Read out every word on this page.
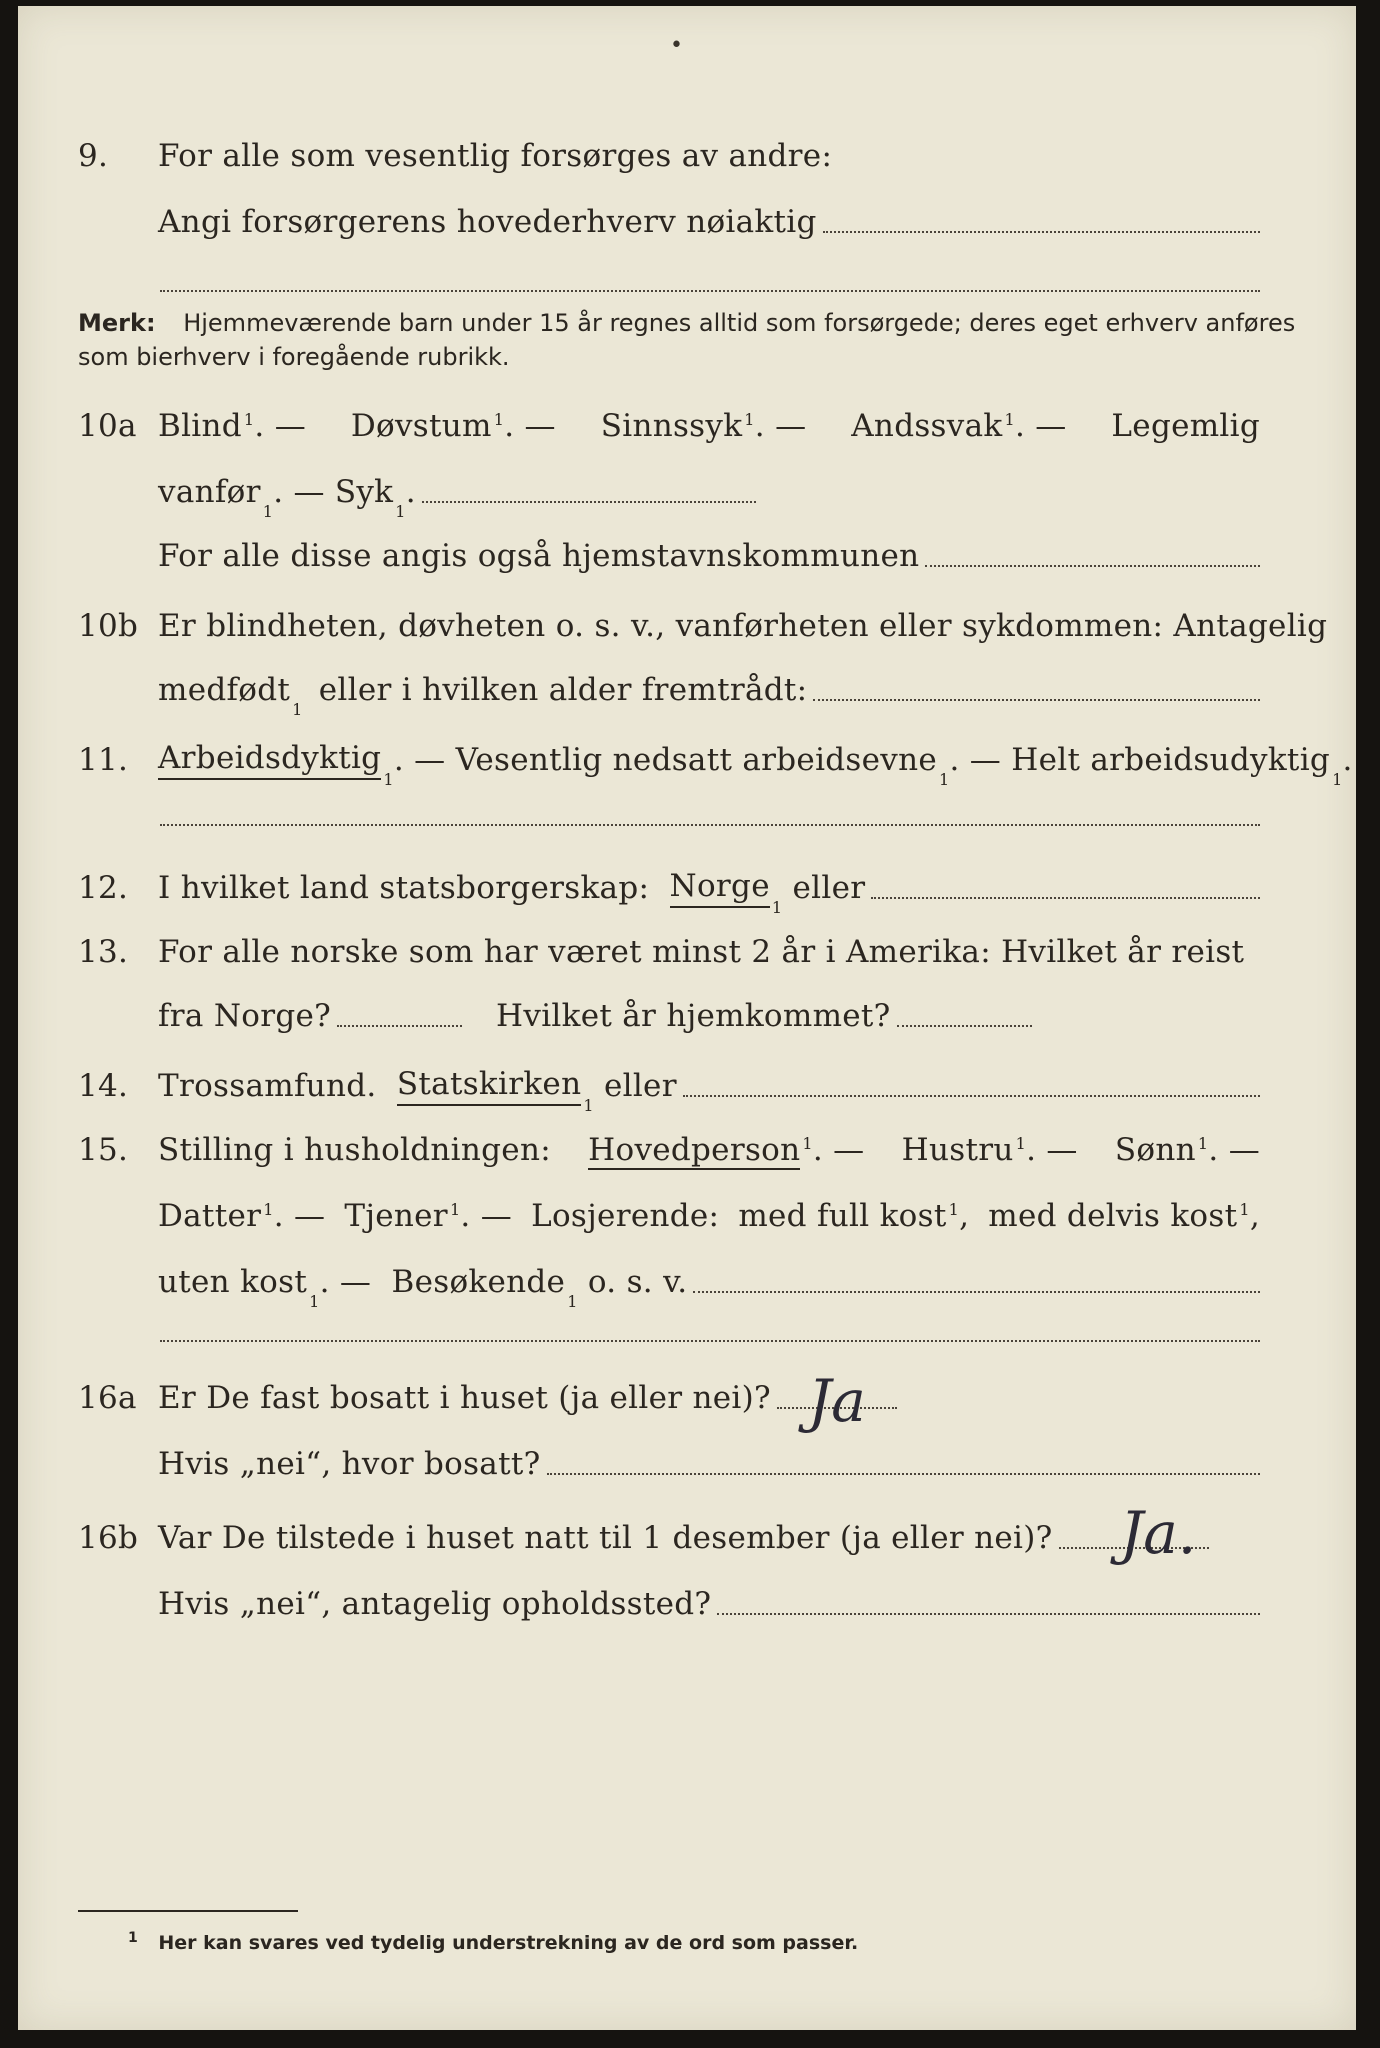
•
9.	For alle som vesentlig forsørges av andre:
Angi forsørgerens hovederhverv nøiaktig
Merk: Hjemmeværende barn under 15 år regnes alltid som forsørgede; deres eget erhverv anføres som bierhverv i foregående rubrikk.
10a Blind $^1$. — Døvstum $^1$. — Sinnssyk $^1$. — Andssvak $^1$. — Legemlig
vanfør
1
. — Syk
1
.
For alle disse angis også hjemstavnskommunen
10b Er blindheten, døvheten o. s. v., vanførheten eller sykdommen: Antagelig
medfødt
1

eller i hvilken alder fremtrådt:
11. Arbeidsdyktig
1
. — Vesentlig nedsatt arbeidsevne
1
. — Helt arbeidsudyktig
1
.
12. I hvilket land statsborgerskap:
Norge
1

eller
13. For alle norske som har været minst 2 år i Amerika: Hvilket år reist
fra Norge?	Hvilket år hjemkommet?
14. Trossamfund.
Statskirken
1

eller
15. Stilling i husholdningen: Hovedperson $^1$. — Hustru $^1$. — Sønn $^1$. —
Datter $^1$. — Tjener $^1$. — Losjerende: med full kost $^1$, med delvis kost $^1$,
uten kost
1
. — Besøkende
1

o. s. v.
16a Er De fast bosatt i huset (ja eller nei)? Ja
Hvis „nei“, hvor bosatt?
16b Var De tilstede i huset natt til 1 desember (ja eller nei)? Ja.
Hvis „nei“, antagelig opholdssted?
$^1$ Her kan svares ved tydelig understrekning av de ord som passer.
